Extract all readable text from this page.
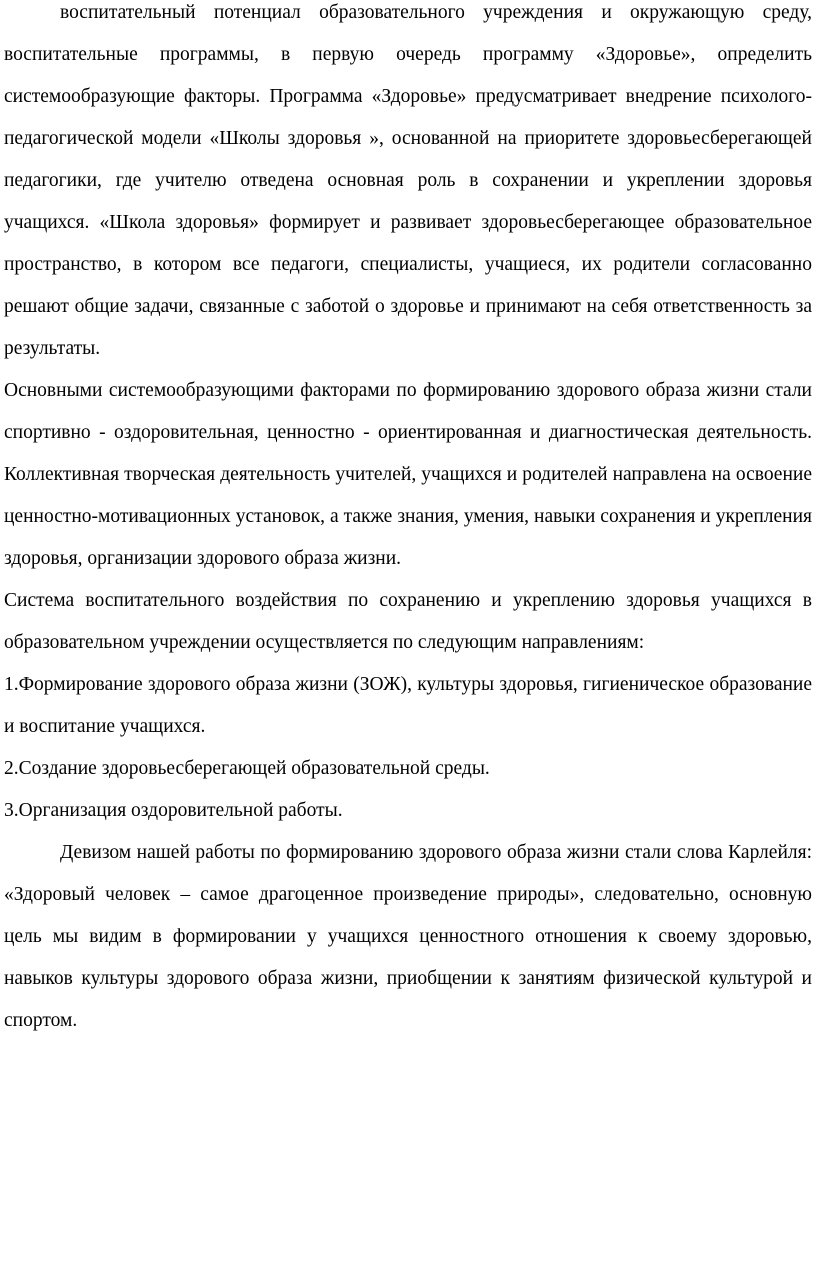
воспитательный потенциал образовательного учреждения и окружающую среду, воспитательные программы, в первую очередь программу «Здоровье», определить системообразующие факторы. Программа «Здоровье» предусматривает внедрение психолого-педагогической модели «Школы здоровья », основанной на приоритете здоровьесберегающей педагогики, где учителю отведена основная роль в сохранении и укреплении здоровья учащихся. «Школа здоровья» формирует и развивает здоровьесберегающее образовательное пространство, в котором все педагоги, специалисты, учащиеся, их родители согласованно решают общие задачи, связанные с заботой о здоровье и принимают на себя ответственность за результаты.

Основными системообразующими факторами по формированию здорового образа жизни стали спортивно - оздоровительная, ценностно - ориентированная и диагностическая деятельность. Коллективная творческая деятельность учителей, учащихся и родителей направлена на освоение ценностно-мотивационных установок, а также знания, умения, навыки сохранения и укрепления здоровья, организации здорового образа жизни.

Система воспитательного воздействия по сохранению и укреплению здоровья учащихся в образовательном учреждении осуществляется по следующим направлениям:

1.Формирование здорового образа жизни (ЗОЖ), культуры здоровья, гигиеническое образование и воспитание учащихся.

2.Создание здоровьесберегающей образовательной среды.

3.Организация оздоровительной работы.

Девизом нашей работы по формированию здорового образа жизни стали слова Карлейля: «Здоровый человек – самое драгоценное произведение природы», следовательно, основную цель мы видим в формировании у учащихся ценностного отношения к своему здоровью, навыков культуры здорового образа жизни, приобщении к занятиям физической культурой и спортом.
